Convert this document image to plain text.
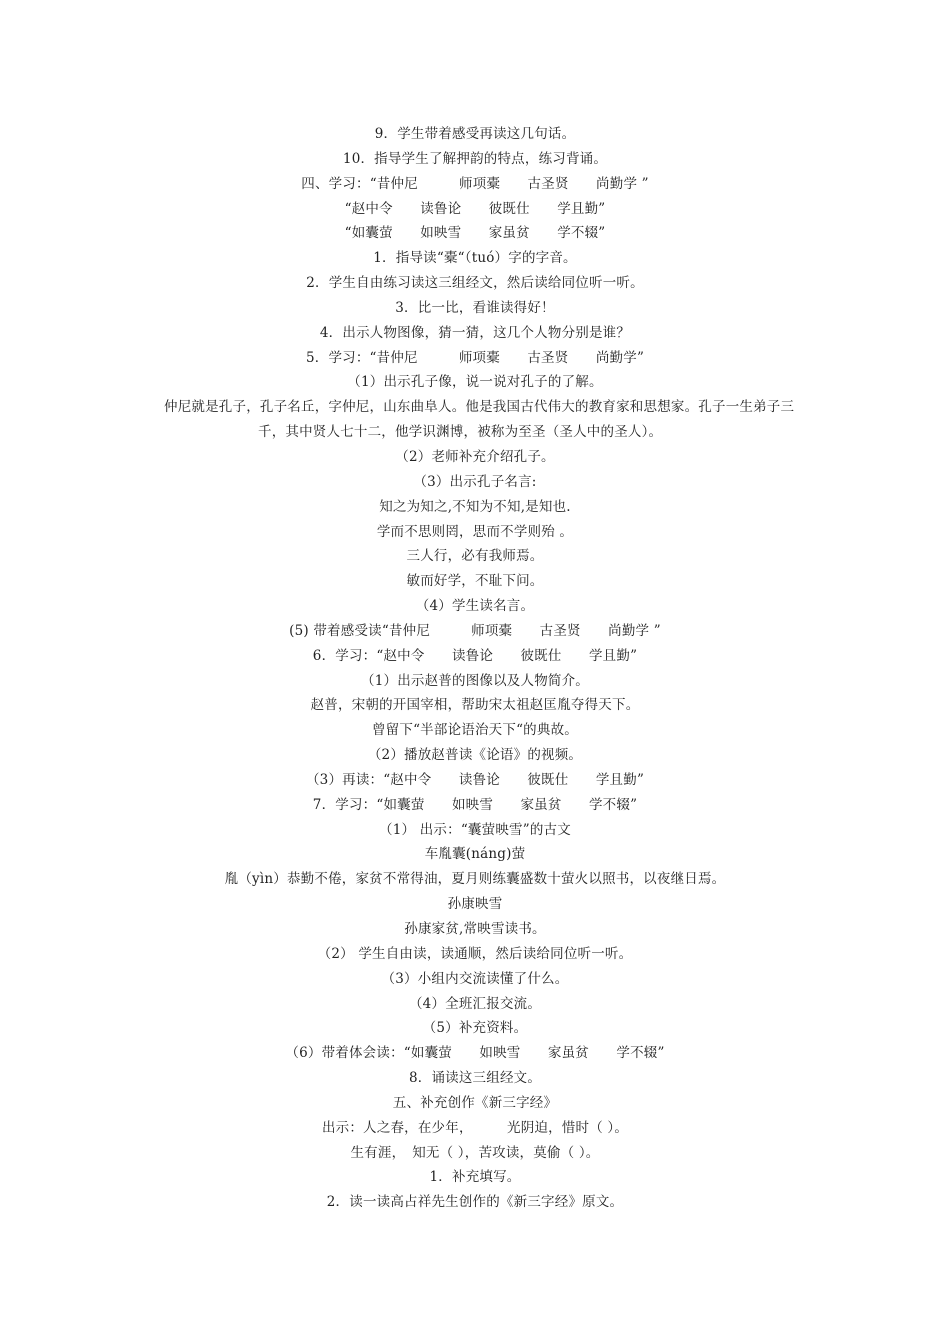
9．学生带着感受再读这几句话。
10．指导学生了解押韵的特点，练习背诵。
四、学习：“昔仲尼　　　师项橐　　古圣贤　　尚勤学 ”
“赵中令　　读鲁论　　彼既仕　　学且勤”
“如囊萤　　如映雪　　家虽贫　　学不辍”
1．指导读“橐“（tuó）字的字音。
2．学生自由练习读这三组经文，然后读给同位听一听。
3．比一比，看谁读得好！
4．出示人物图像，猜一猜，这几个人物分别是谁？
5．学习：“昔仲尼　　　师项橐　　古圣贤　　尚勤学”
（1）出示孔子像，说一说对孔子的了解。
仲尼就是孔子，孔子名丘，字仲尼，山东曲阜人。他是我国古代伟大的教育家和思想家。孔子一生弟子三
千，其中贤人七十二，他学识渊博，被称为至圣（圣人中的圣人）。
（2）老师补充介绍孔子。
（3）出示孔子名言:
知之为知之,不知为不知,是知也.
学而不思则罔，思而不学则殆 。
三人行，必有我师焉。
敏而好学，不耻下问。
（4）学生读名言。
(5) 带着感受读“昔仲尼　　　师项橐　　古圣贤　　尚勤学 ”
6．学习：“赵中令　　读鲁论　　彼既仕　　学且勤”
（1）出示赵普的图像以及人物简介。
赵普，宋朝的开国宰相，帮助宋太祖赵匡胤夺得天下。
曾留下“半部论语治天下“的典故。
（2）播放赵普读《论语》的视频。
（3）再读：“赵中令　　读鲁论　　彼既仕　　学且勤”
7．学习：“如囊萤　　如映雪　　家虽贫　　学不辍”
（1） 出示：“囊萤映雪”的古文
车胤囊(náng)萤
胤（yìn）恭勤不倦，家贫不常得油，夏月则练囊盛数十萤火以照书，以夜继日焉。
孙康映雪
孙康家贫,常映雪读书。
（2） 学生自由读，读通顺，然后读给同位听一听。
（3）小组内交流读懂了什么。
（4）全班汇报交流。
（5）补充资料。
（6）带着体会读：“如囊萤　　如映雪　　家虽贫　　学不辍”
8．诵读这三组经文。
五、补充创作《新三字经》
出示：人之春，在少年，　　　光阴迫，惜时（ ）。
生有涯，　知无（ ），苦攻读，莫偷（ ）。
1．补充填写。
2．读一读高占祥先生创作的《新三字经》原文。
